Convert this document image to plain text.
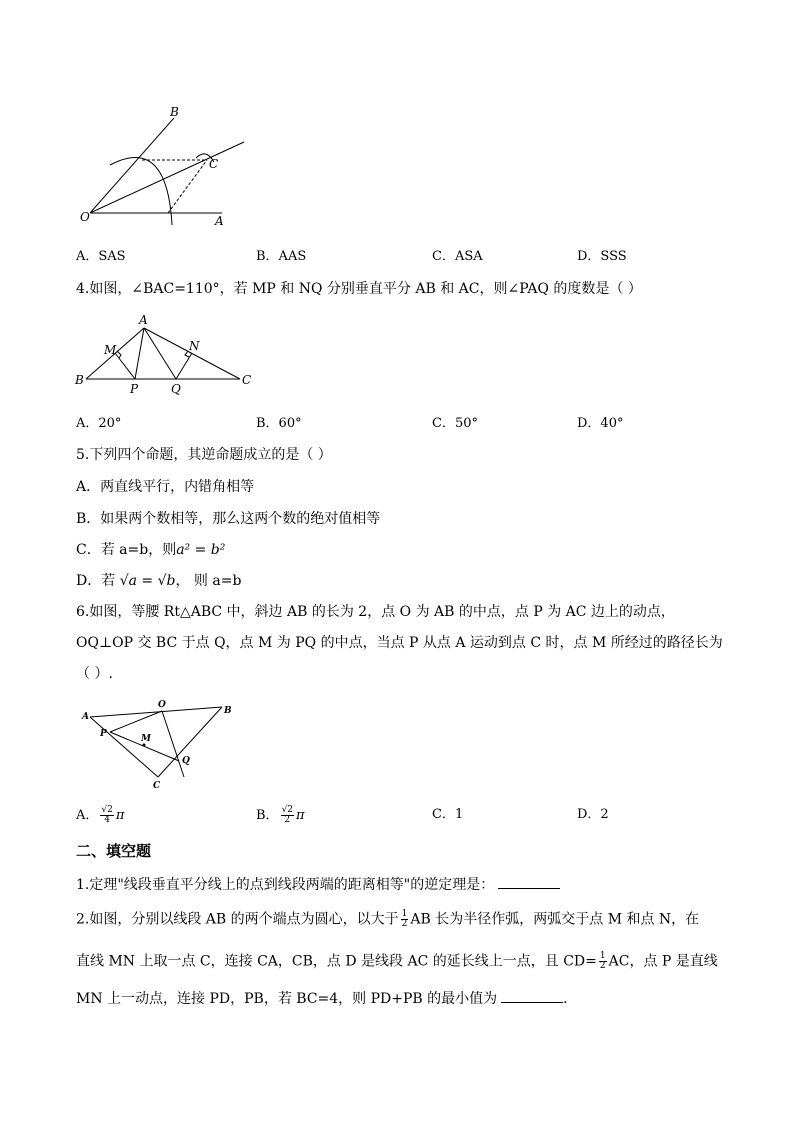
B
C
O	A
A．SAS	B．AAS	C．ASA	D．SSS
4.如图，∠BAC=110°，若 MP 和 NQ 分别垂直平分 AB 和 AC，则∠PAQ 的度数是（ ）
A
M	N
B
P	Q
C
A．20°	B．60°	C．50°	D．40°
5.下列四个命题，其逆命题成立的是（ ）
A．两直线平行，内错角相等
B．如果两个数相等，那么这两个数的绝对值相等
C．若 a=b，则a² = b²
D．若 √a = √b， 则 a=b
6.如图，等腰 Rt△ABC 中，斜边 AB 的长为 2，点 O 为 AB 的中点，点 P 为 AC 边上的动点，
OQ⊥OP 交 BC 于点 Q，点 M 为 PQ 的中点，当点 P 从点 A 运动到点 C 时，点 M 所经过的路径长为
（ ）.
A
O
B
P	M
Q
C
A． $\frac{√2}{4}$ π	B． $\frac{√2}{2}$ π	C．1	D．2
二、填空题
1.定理"线段垂直平分线上的点到线段两端的距离相等"的逆定理是：
2.如图，分别以线段 AB 的两个端点为圆心，以大于 $\frac{1}{2}$ AB 长为半径作弧，两弧交于点 M 和点 N，在
直线 MN 上取一点 C，连接 CA，CB，点 D 是线段 AC 的延长线上一点，且 $CD= \frac{1}{2}$ AC，点 P 是直线
MN 上一动点，连接 PD，PB，若 BC=4，则 PD+PB 的最小值为	.
